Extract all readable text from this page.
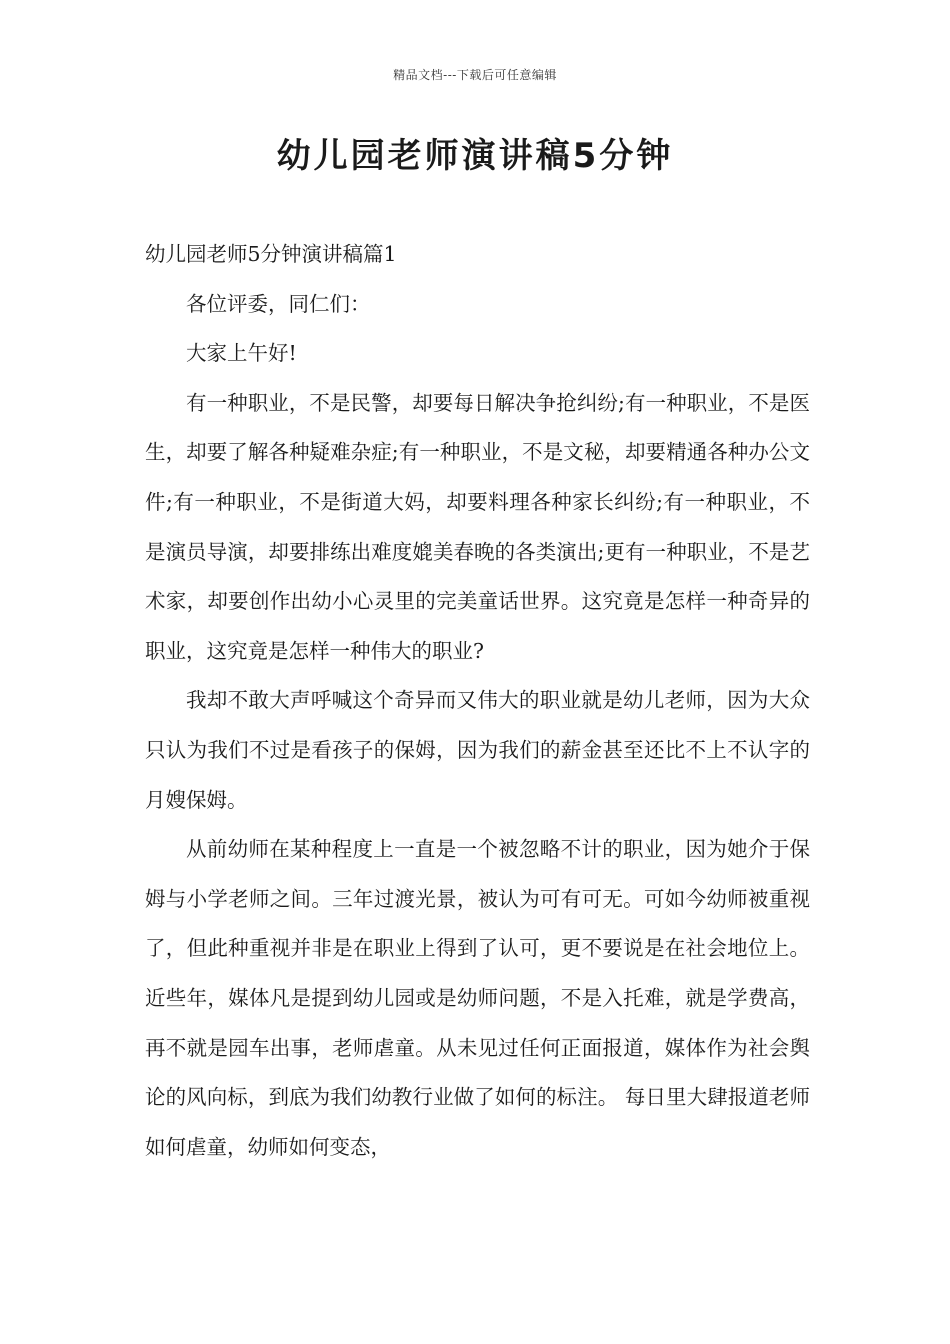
精品文档---下载后可任意编辑
幼儿园老师演讲稿5分钟

幼儿园老师5分钟演讲稿篇1

各位评委，同仁们：

大家上午好!

有一种职业，不是民警，却要每日解决争抢纠纷;有一种职业，不是医生，却要了解各种疑难杂症;有一种职业，不是文秘，却要精通各种办公文件;有一种职业，不是街道大妈，却要料理各种家长纠纷;有一种职业，不是演员导演，却要排练出难度媲美春晚的各类演出;更有一种职业，不是艺术家，却要创作出幼小心灵里的完美童话世界。这究竟是怎样一种奇异的职业，这究竟是怎样一种伟大的职业?

我却不敢大声呼喊这个奇异而又伟大的职业就是幼儿老师，因为大众只认为我们不过是看孩子的保姆，因为我们的薪金甚至还比不上不认字的月嫂保姆。

从前幼师在某种程度上一直是一个被忽略不计的职业，因为她介于保姆与小学老师之间。三年过渡光景，被认为可有可无。可如今幼师被重视了，但此种重视并非是在职业上得到了认可，更不要说是在社会地位上。近些年，媒体凡是提到幼儿园或是幼师问题，不是入托难，就是学费高，再不就是园车出事，老师虐童。从未见过任何正面报道，媒体作为社会舆论的风向标，到底为我们幼教行业做了如何的标注。 每日里大肆报道老师如何虐童，幼师如何变态，
